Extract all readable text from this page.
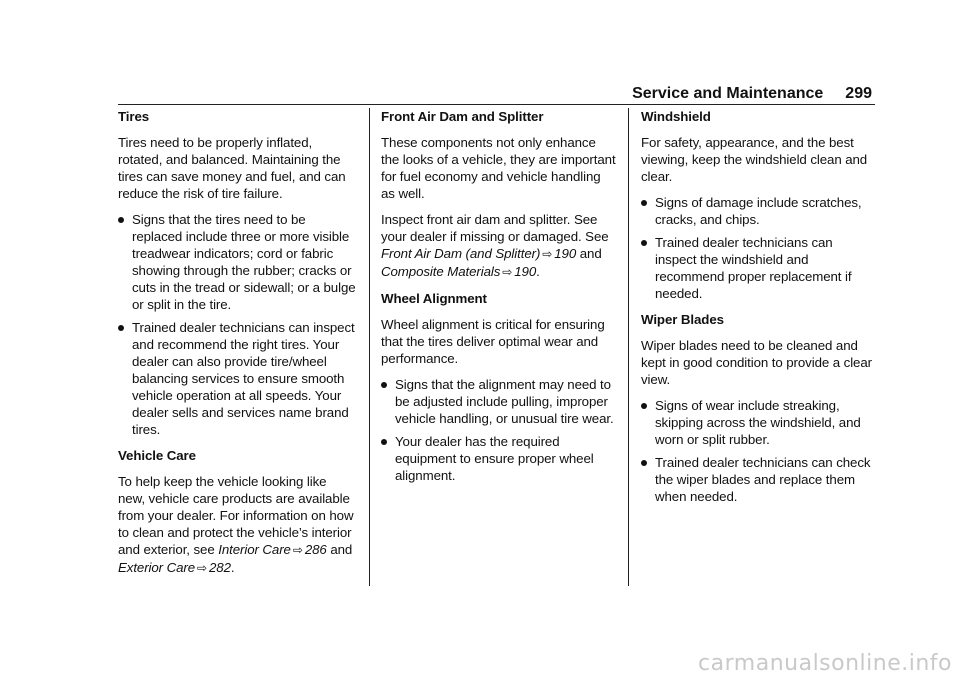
Service and Maintenance 299
Tires
Tires need to be properly inflated, rotated, and balanced. Maintaining the tires can save money and fuel, and can reduce the risk of tire failure.
Signs that the tires need to be replaced include three or more visible treadwear indicators; cord or fabric showing through the rubber; cracks or cuts in the tread or sidewall; or a bulge or split in the tire.
Trained dealer technicians can inspect and recommend the right tires. Your dealer can also provide tire/wheel balancing services to ensure smooth vehicle operation at all speeds. Your dealer sells and services name brand tires.
Vehicle Care
To help keep the vehicle looking like new, vehicle care products are available from your dealer. For information on how to clean and protect the vehicle’s interior and exterior, see Interior Care ⇨ 286 and
Exterior Care ⇨ 282.
Front Air Dam and Splitter
These components not only enhance the looks of a vehicle, they are important for fuel economy and vehicle handling as well.
Inspect front air dam and splitter. See your dealer if missing or damaged. See Front Air Dam (and Splitter) ⇨ 190 and
Composite Materials ⇨ 190.
Wheel Alignment
Wheel alignment is critical for ensuring that the tires deliver optimal wear and performance.
Signs that the alignment may need to be adjusted include pulling, improper vehicle handling, or unusual tire wear.
Your dealer has the required equipment to ensure proper wheel alignment.
Windshield
For safety, appearance, and the best viewing, keep the windshield clean and clear.
Signs of damage include scratches, cracks, and chips.
Trained dealer technicians can inspect the windshield and recommend proper replacement if needed.
Wiper Blades
Wiper blades need to be cleaned and kept in good condition to provide a clear view.
Signs of wear include streaking, skipping across the windshield, and worn or split rubber.
Trained dealer technicians can check the wiper blades and replace them when needed.
carmanualsonline.info
